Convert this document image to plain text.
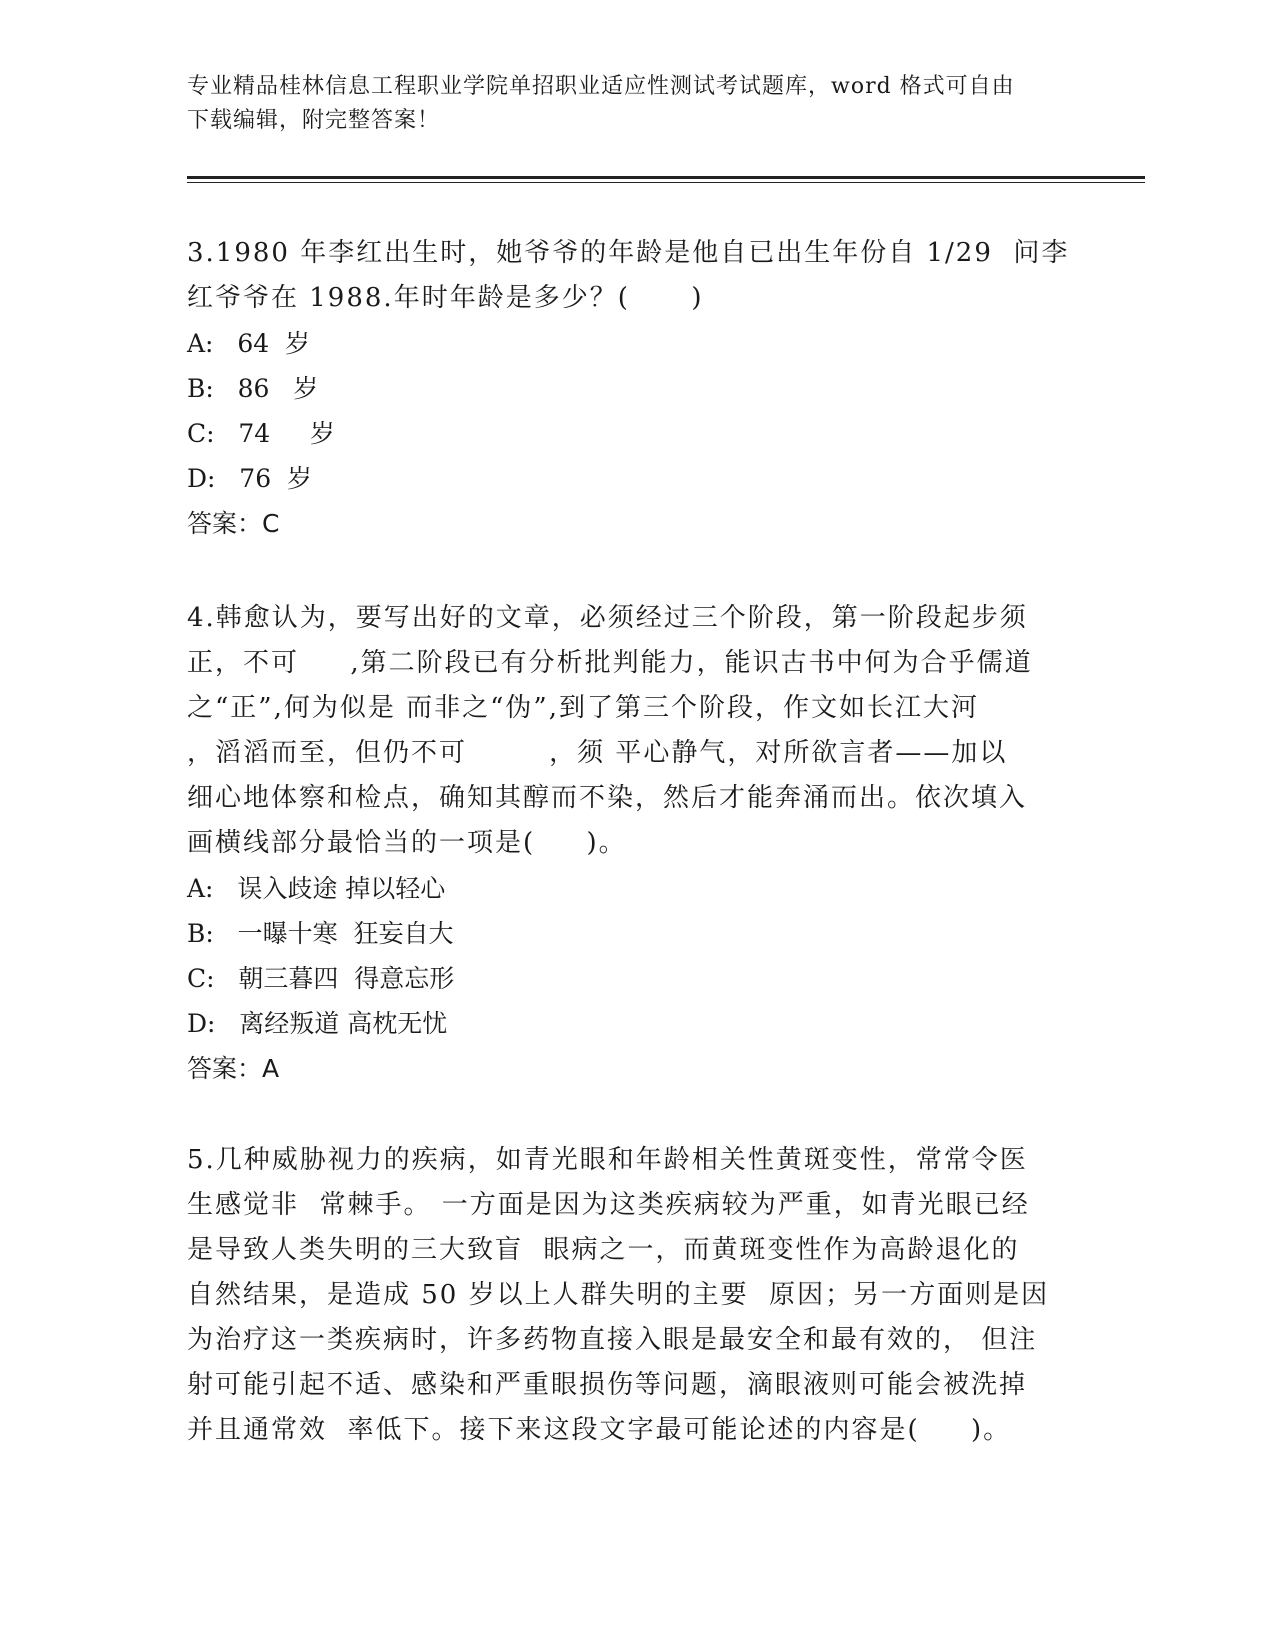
专业精品桂林信息工程职业学院单招职业适应性测试考试题库，word 格式可自由
下载编辑，附完整答案！

3.1980 年李红出生时，她爷爷的年龄是他自已出生年份自 1/29  问李
红爷爷在 1988.年时年龄是多少？(      )

A:   64  岁

B:   86   岁

C:   74     岁

D:   76  岁

答案：C

4.韩愈认为，要写出好的文章，必须经过三个阶段，第一阶段起步须
正，不可     ,第二阶段已有分析批判能力，能识古书中何为合乎儒道
之“正”,何为似是 而非之“伪”,到了第三个阶段，作文如长江大河
，滔滔而至，但仍不可        ，须 平心静气，对所欲言者——加以
细心地体察和检点，确知其醇而不染，然后才能奔涌而出。依次填入
画横线部分最恰当的一项是(     )。

A:   误入歧途 掉以轻心

B:   一曝十寒  狂妄自大

C:   朝三暮四  得意忘形

D:   离经叛道 高枕无忧

答案：A

5.几种威胁视力的疾病，如青光眼和年龄相关性黄斑变性，常常令医
生感觉非  常棘手。 一方面是因为这类疾病较为严重，如青光眼已经
是导致人类失明的三大致盲  眼病之一，而黄斑变性作为高龄退化的
自然结果，是造成 50 岁以上人群失明的主要  原因；另一方面则是因
为治疗这一类疾病时，许多药物直接入眼是最安全和最有效的， 但注
射可能引起不适、感染和严重眼损伤等问题，滴眼液则可能会被洗掉
并且通常效  率低下。接下来这段文字最可能论述的内容是(     )。
